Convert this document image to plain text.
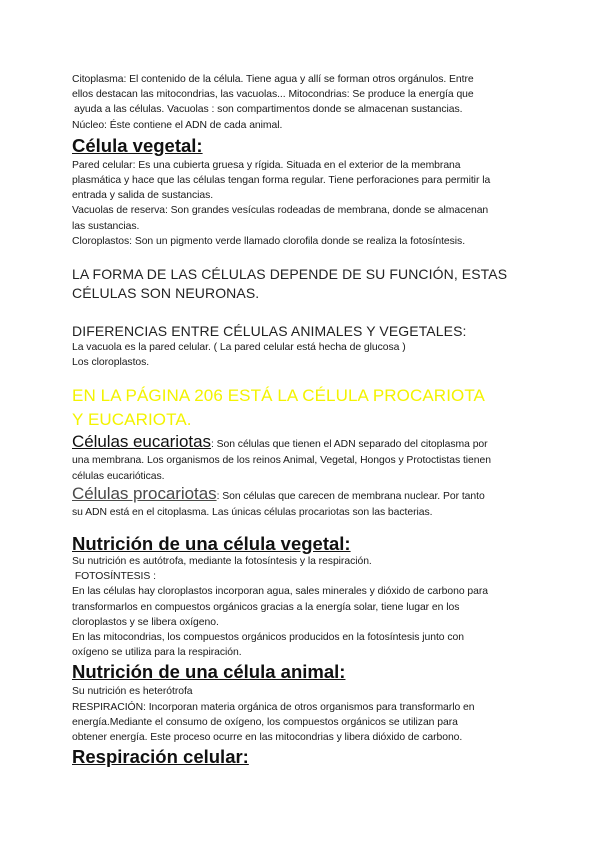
Citoplasma: El contenido de la célula. Tiene agua y allí se forman otros orgánulos. Entre

ellos destacan las mitocondrias, las vacuolas... Mitocondrias: Se produce la energía que

ayuda a las células. Vacuolas : son compartimentos donde se almacenan sustancias.

Núcleo: Éste contiene el ADN de cada animal.

Célula vegetal:

Pared celular: Es una cubierta gruesa y rígida. Situada en el exterior de la membrana

plasmática y hace que las células tengan forma regular. Tiene perforaciones para permitir la

entrada y salida de sustancias.

Vacuolas de reserva: Son grandes vesículas rodeadas de membrana, donde se almacenan

las sustancias.

Cloroplastos: Son un pigmento verde llamado clorofila donde se realiza la fotosíntesis.

LA FORMA DE LAS CÉLULAS DEPENDE DE SU FUNCIÓN, ESTAS

CÉLULAS SON NEURONAS.

DIFERENCIAS ENTRE CÉLULAS ANIMALES Y VEGETALES:

La vacuola es la pared celular. ( La pared celular está hecha de glucosa )

Los cloroplastos.

EN LA PÁGINA 206 ESTÁ LA CÉLULA PROCARIOTA

Y EUCARIOTA.

Células eucariotas: Son células que tienen el ADN separado del citoplasma por

una membrana. Los organismos de los reinos Animal, Vegetal, Hongos y Protoctistas tienen

células eucarióticas.

Células procariotas: Son células que carecen de membrana nuclear. Por tanto

su ADN está en el citoplasma. Las únicas células procariotas son las bacterias.

Nutrición de una célula vegetal:

Su nutrición es autótrofa, mediante la fotosíntesis y la respiración.

FOTOSÍNTESIS :

En las células hay cloroplastos incorporan agua, sales minerales y dióxido de carbono para

transformarlos en compuestos orgánicos gracias a la energía solar, tiene lugar en los

cloroplastos y se libera oxígeno.

En las mitocondrias, los compuestos orgánicos producidos en la fotosíntesis junto con

oxígeno se utiliza para la respiración.

Nutrición de una célula animal:

Su nutrición es heterótrofa

RESPIRACIÓN: Incorporan materia orgánica de otros organismos para transformarlo en

energía.Mediante el consumo de oxígeno, los compuestos orgánicos se utilizan para

obtener energía. Este proceso ocurre en las mitocondrias y libera dióxido de carbono.

Respiración celular:
